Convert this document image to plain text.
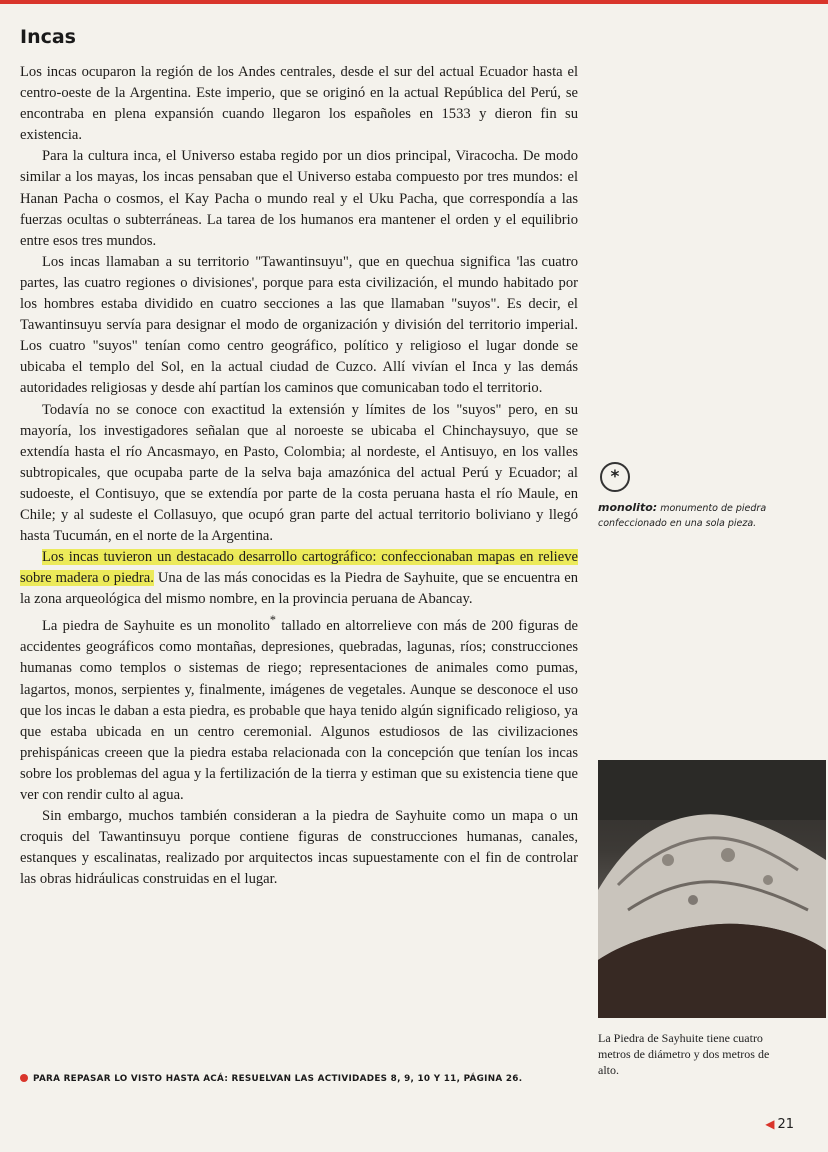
Incas

Los incas ocuparon la región de los Andes centrales, desde el sur del actual Ecuador hasta el centro-oeste de la Argentina. Este imperio, que se originó en la actual República del Perú, se encontraba en plena expansión cuando llegaron los españoles en 1533 y dieron fin su existencia.

Para la cultura inca, el Universo estaba regido por un dios principal, Viracocha. De modo similar a los mayas, los incas pensaban que el Universo estaba compuesto por tres mundos: el Hanan Pacha o cosmos, el Kay Pacha o mundo real y el Uku Pacha, que correspondía a las fuerzas ocultas o subterráneas. La tarea de los humanos era mantener el orden y el equilibrio entre esos tres mundos.

Los incas llamaban a su territorio "Tawantinsuyu", que en quechua significa 'las cuatro partes, las cuatro regiones o divisiones', porque para esta civilización, el mundo habitado por los hombres estaba dividido en cuatro secciones a las que llamaban "suyos". Es decir, el Tawantinsuyu servía para designar el modo de organización y división del territorio imperial. Los cuatro "suyos" tenían como centro geográfico, político y religioso el lugar donde se ubicaba el templo del Sol, en la actual ciudad de Cuzco. Allí vivían el Inca y las demás autoridades religiosas y desde ahí partían los caminos que comunicaban todo el territorio.

Todavía no se conoce con exactitud la extensión y límites de los "suyos" pero, en su mayoría, los investigadores señalan que al noroeste se ubicaba el Chinchaysuyo, que se extendía hasta el río Ancasmayo, en Pasto, Colombia; al nordeste, el Antisuyo, en los valles subtropicales, que ocupaba parte de la selva baja amazónica del actual Perú y Ecuador; al sudoeste, el Contisuyo, que se extendía por parte de la costa peruana hasta el río Maule, en Chile; y al sudeste el Collasuyo, que ocupó gran parte del actual territorio boliviano y llegó hasta Tucumán, en el norte de la Argentina.

Los incas tuvieron un destacado desarrollo cartográfico: confeccionaban mapas en relieve sobre madera o piedra. Una de las más conocidas es la Piedra de Sayhuite, que se encuentra en la zona arqueológica del mismo nombre, en la provincia peruana de Abancay.

La piedra de Sayhuite es un monolito* tallado en altorrelieve con más de 200 figuras de accidentes geográficos como montañas, depresiones, quebradas, lagunas, ríos; construcciones humanas como templos o sistemas de riego; representaciones de animales como pumas, lagartos, monos, serpientes y, finalmente, imágenes de vegetales. Aunque se desconoce el uso que los incas le daban a esta piedra, es probable que haya tenido algún significado religioso, ya que estaba ubicada en un centro ceremonial. Algunos estudiosos de las civilizaciones prehispánicas creeen que la piedra estaba relacionada con la concepción que tenían los incas sobre los problemas del agua y la fertilización de la tierra y estiman que su existencia tiene que ver con rendir culto al agua.

Sin embargo, muchos también consideran a la piedra de Sayhuite como un mapa o un croquis del Tawantinsuyu porque contiene figuras de construcciones humanas, canales, estanques y escalinatas, realizado por arquitectos incas supuestamente con el fin de controlar las obras hidráulicas construidas en el lugar.

*
monolito: monumento de piedra confeccionado en una sola pieza.
La Piedra de Sayhuite tiene cuatro metros de diámetro y dos metros de alto.
PARA REPASAR LO VISTO HASTA ACÁ: RESUELVAN LAS ACTIVIDADES 8, 9, 10 Y 11, PÁGINA 26.
◀ 21
